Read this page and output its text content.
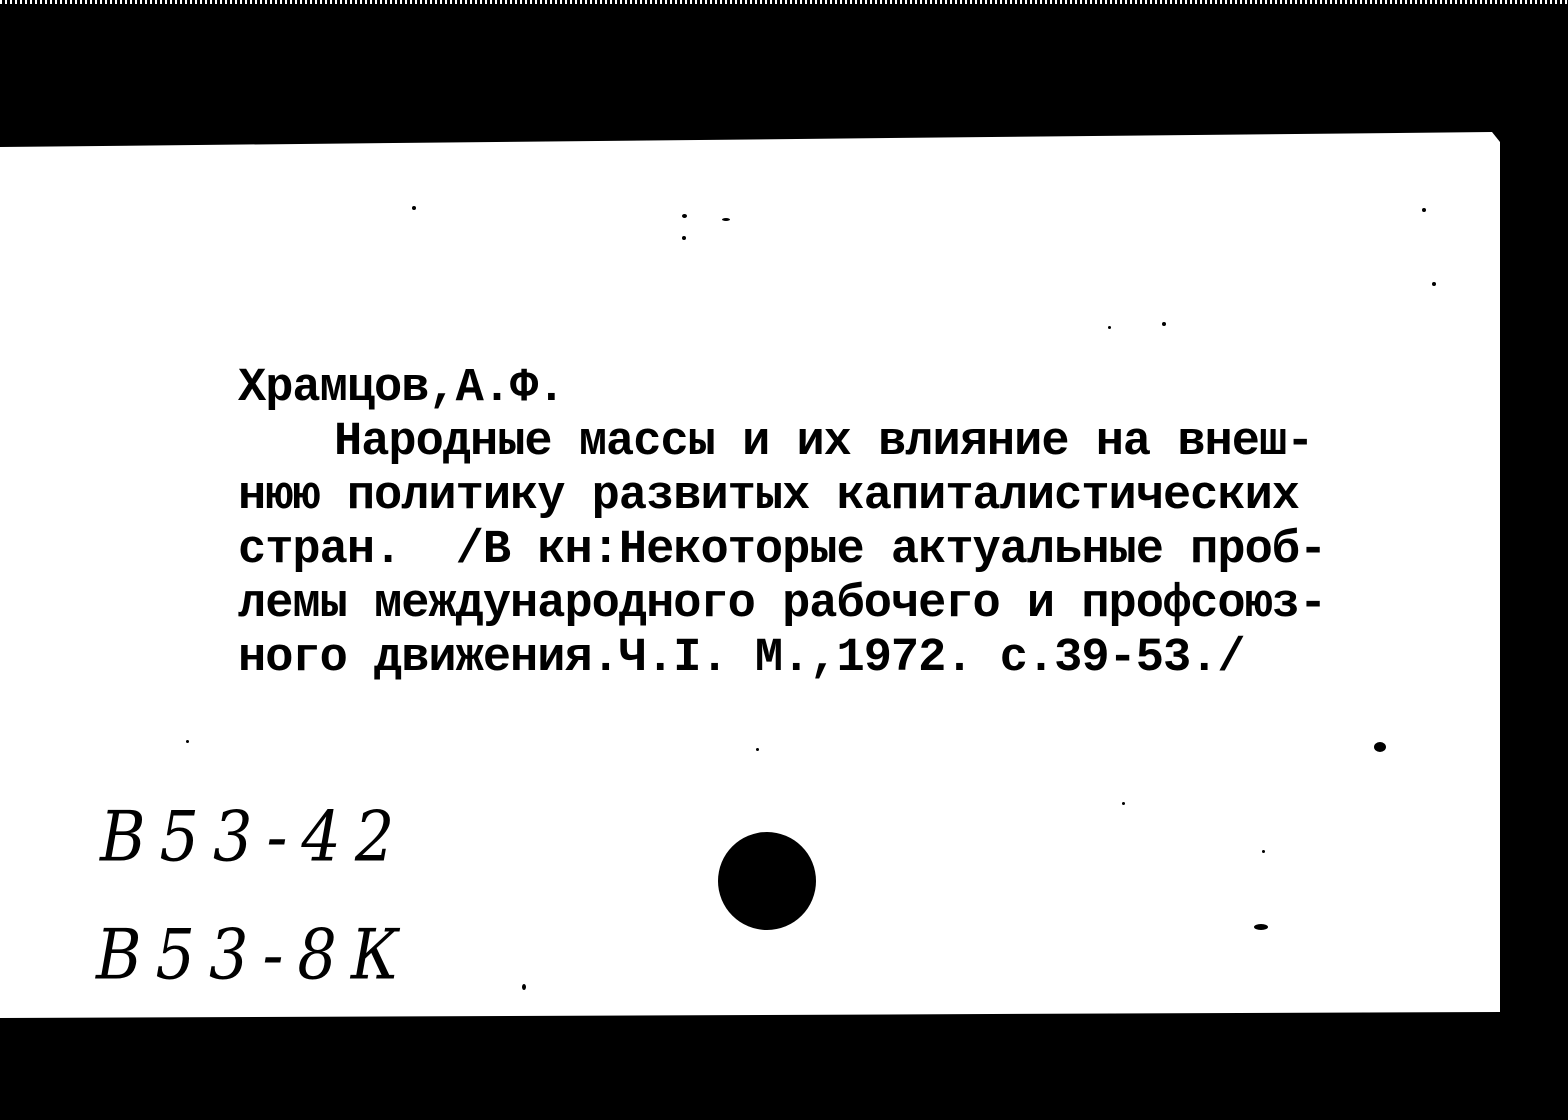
Храмцов,А.Ф.
Народные массы и их влияние на внеш-
нюю политику развитых капиталистических
стран.  /В кн:Некоторые актуальные проб-
лемы международного рабочего и профсоюз-
ного движения.Ч.I. М.,1972. с.39-53./
В53-42
В53-8К
